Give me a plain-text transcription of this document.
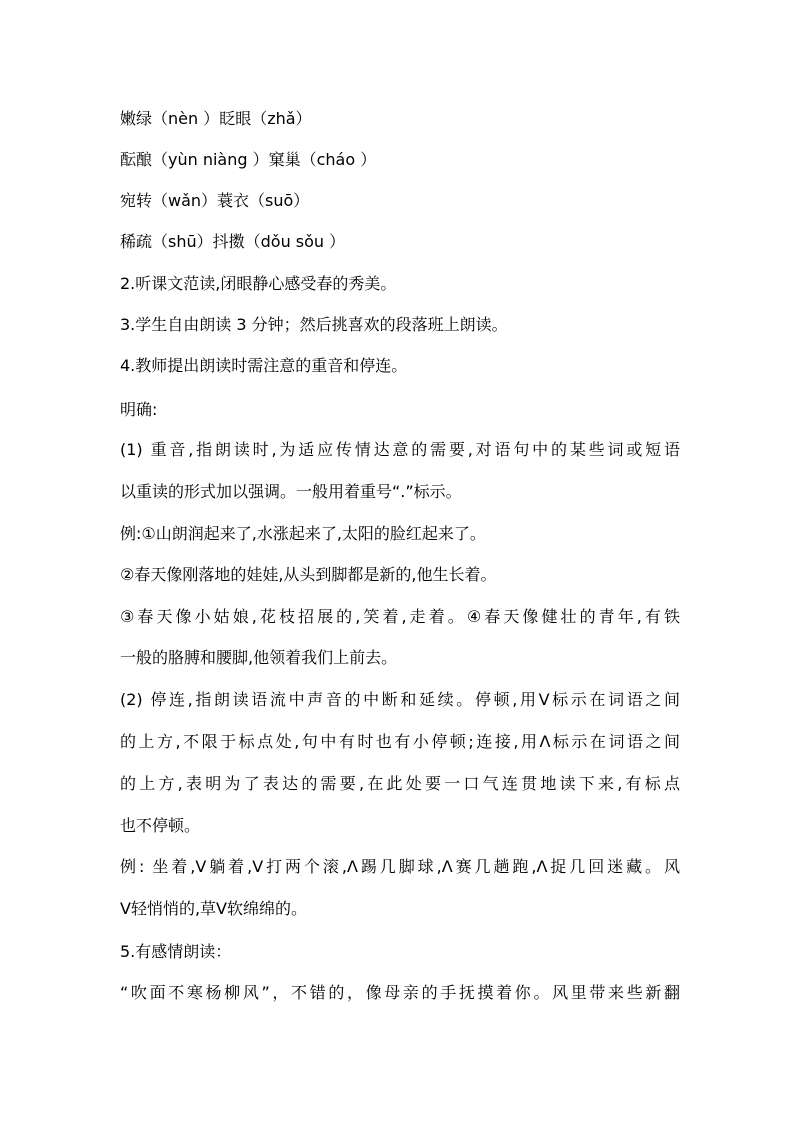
嫩绿（nèn ）眨眼（zhǎ）
酝酿（yùn niàng ）窠巢（cháo ）
宛转（wǎn）蓑衣（suō）
稀疏（shū）抖擞（dǒu sǒu ）
2.听课文范读,闭眼静心感受春的秀美。
3.学生自由朗读 3 分钟；然后挑喜欢的段落班上朗读。
4.教师提出朗读时需注意的重音和停连。
明确:
(1) 重音,指朗读时,为适应传情达意的需要,对语句中的某些词或短语
以重读的形式加以强调。一般用着重号“.”标示。
例:①山朗润起来了,水涨起来了,太阳的脸红起来了。
②春天像刚落地的娃娃,从头到脚都是新的,他生长着。
③春天像小姑娘,花枝招展的,笑着,走着。④春天像健壮的青年,有铁
一般的胳膊和腰脚,他领着我们上前去。
(2) 停连,指朗读语流中声音的中断和延续。停顿,用V标示在词语之间
的上方,不限于标点处,句中有时也有小停顿;连接,用Λ标示在词语之间
的上方,表明为了表达的需要,在此处要一口气连贯地读下来,有标点
也不停顿。
例: 坐着,V躺着,V打两个滚,Λ踢几脚球,Λ赛几趟跑,Λ捉几回迷藏。风
V轻悄悄的,草V软绵绵的。
5.有感情朗读：
“吹面不寒杨柳风”，不错的，像母亲的手抚摸着你。风里带来些新翻
